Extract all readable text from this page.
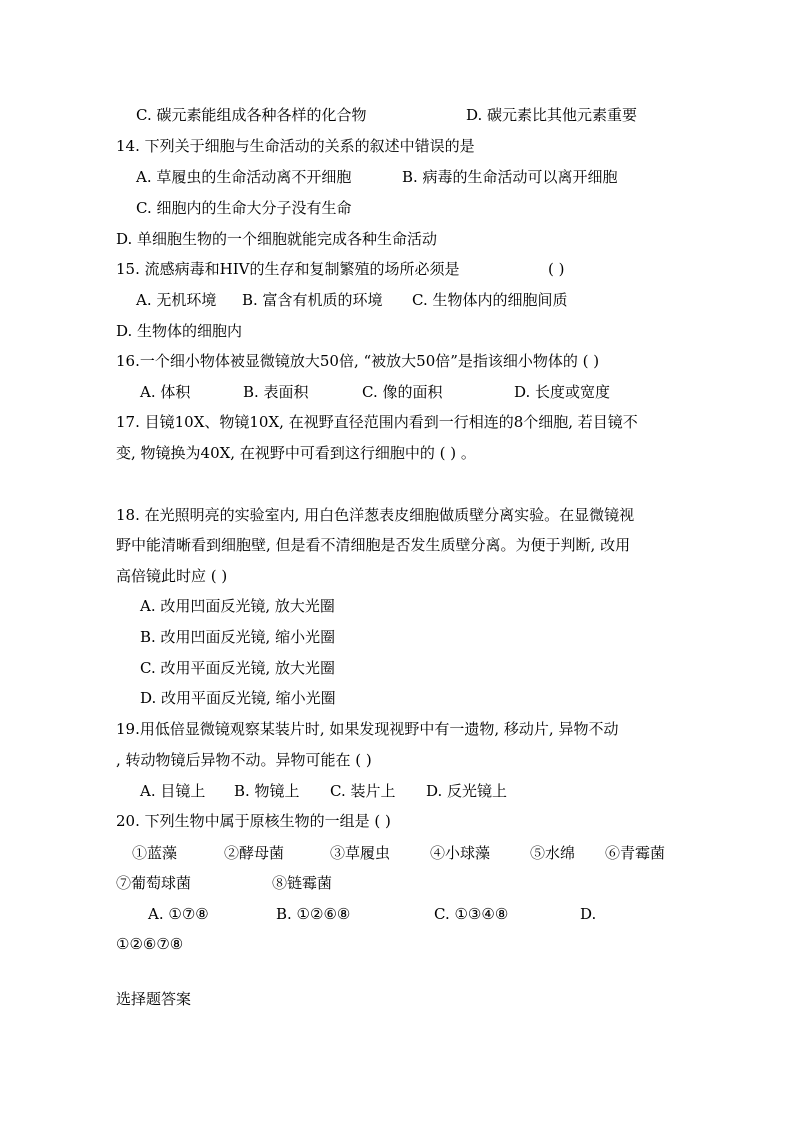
C. 碳元素能组成各种各样的化合物	D. 碳元素比其他元素重要
14. 下列关于细胞与生命活动的关系的叙述中错误的是
A. 草履虫的生命活动离不开细胞	B. 病毒的生命活动可以离开细胞
C. 细胞内的生命大分子没有生命
D. 单细胞生物的一个细胞就能完成各种生命活动
15. 流感病毒和HIV的生存和复制繁殖的场所必须是	( )
A. 无机环境 B. 富含有机质的环境 C. 生物体内的细胞间质
D. 生物体的细胞内
16.一个细小物体被显微镜放大50倍, “被放大50倍”是指该细小物体的 ( )
A. 体积	B. 表面积	C. 像的面积	D. 长度或宽度
17. 目镜10X、物镜10X, 在视野直径范围内看到一行相连的8个细胞, 若目镜不
变, 物镜换为40X, 在视野中可看到这行细胞中的 ( ) 。
18. 在光照明亮的实验室内, 用白色洋葱表皮细胞做质壁分离实验。在显微镜视
野中能清晰看到细胞壁, 但是看不清细胞是否发生质壁分离。为便于判断, 改用
高倍镜此时应 ( )
A. 改用凹面反光镜, 放大光圈
B. 改用凹面反光镜, 缩小光圈
C. 改用平面反光镜, 放大光圈
D. 改用平面反光镜, 缩小光圈
19.用低倍显微镜观察某装片时, 如果发现视野中有一遗物, 移动片, 异物不动
, 转动物镜后异物不动。异物可能在 ( )
A. 目镜上 B. 物镜上 C. 装片上 D. 反光镜上
20. 下列生物中属于原核生物的一组是 ( )
①蓝藻	②酵母菌	③草履虫	④小球藻	⑤水绵 ⑥青霉菌
⑦葡萄球菌	⑧链霉菌
A. ①⑦⑧	B. ①②⑥⑧	C. ①③④⑧	D.
①②⑥⑦⑧
选择题答案
